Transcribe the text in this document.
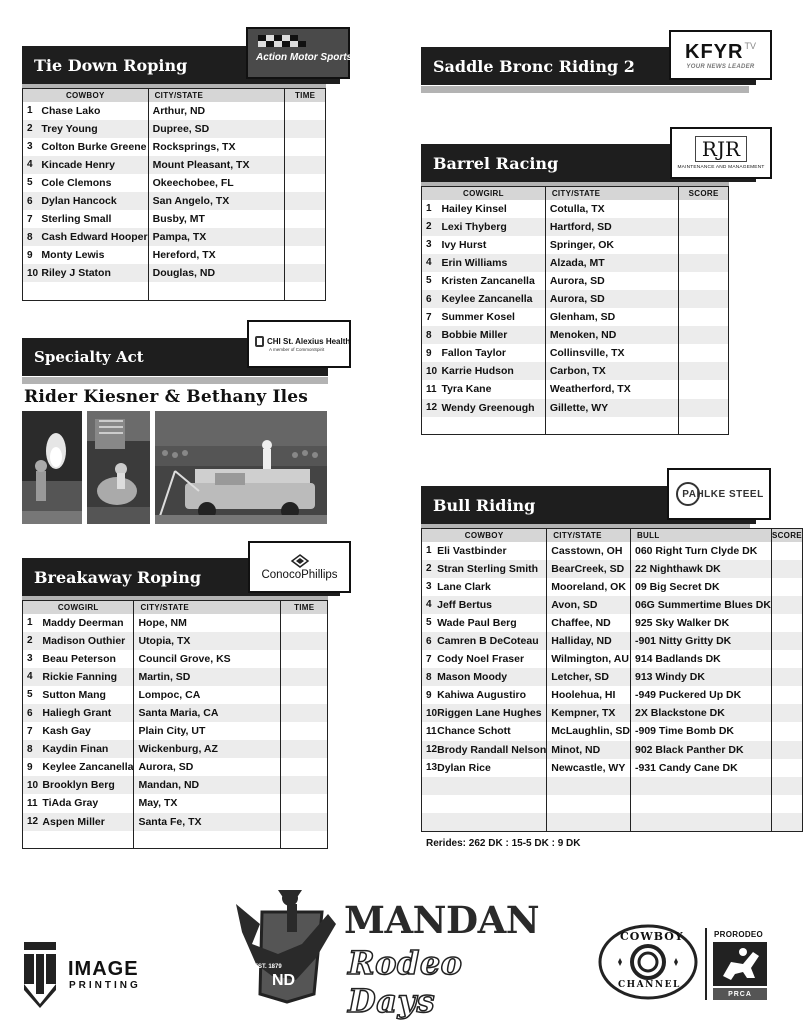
Tie Down Roping	Action Motor Sports
COWBOY		CITY/STATE	TIME
1	Chase Lako	Arthur, ND	
2	Trey Young	Dupree, SD	
3	Colton Burke Greene	Rocksprings, TX	
4	Kincade Henry	Mount Pleasant, TX	
5	Cole Clemons	Okeechobee, FL	
6	Dylan Hancock	San Angelo, TX	
7	Sterling Small	Busby, MT	
8	Cash Edward Hooper	Pampa, TX	
9	Monty Lewis	Hereford, TX	
10	Riley J Staton	Douglas, ND	

Specialty Act
CHI St. Alexius Health
A member of CommonSpirit
Rider Kiesner & Bethany Iles
Breakaway Roping	ConocoPhillips
COWGIRL		CITY/STATE	TIME
1	Maddy Deerman	Hope, NM	
2	Madison Outhier	Utopia, TX	
3	Beau Peterson	Council Grove, KS	
4	Rickie Fanning	Martin, SD	
5	Sutton Mang	Lompoc, CA	
6	Haliegh Grant	Santa Maria, CA	
7	Kash Gay	Plain City, UT	
8	Kaydin Finan	Wickenburg, AZ	
9	Keylee Zancanella	Aurora, SD	
10	Brooklyn Berg	Mandan, ND	
11	TiAda Gray	May, TX	
12	Aspen Miller	Santa Fe, TX	

Saddle Bronc Riding 2
KFYR TV
YOUR NEWS LEADER
Barrel Racing
RJR
MAINTENANCE AND MANAGEMENT
COWGIRL		CITY/STATE	SCORE
1	Hailey Kinsel	Cotulla, TX	
2	Lexi Thyberg	Hartford, SD	
3	Ivy Hurst	Springer, OK	
4	Erin Williams	Alzada, MT	
5	Kristen Zancanella	Aurora, SD	
6	Keylee Zancanella	Aurora, SD	
7	Summer Kosel	Glenham, SD	
8	Bobbie Miller	Menoken, ND	
9	Fallon Taylor	Collinsville, TX	
10	Karrie Hudson	Carbon, TX	
11	Tyra Kane	Weatherford, TX	
12	Wendy Greenough	Gillette, WY	

Bull Riding
PAHLKE STEEL
COWBOY		CITY/STATE	BULL	SCORE
1	Eli Vastbinder	Casstown, OH	060 Right Turn Clyde DK	
2	Stran Sterling Smith	BearCreek, SD	22 Nighthawk DK	
3	Lane Clark	Mooreland, OK	09 Big Secret DK	
4	Jeff Bertus	Avon, SD	06G Summertime Blues DK	
5	Wade Paul Berg	Chaffee, ND	925 Sky Walker DK	
6	Camren B DeCoteau	Halliday, ND	-901 Nitty Gritty DK	
7	Cody Noel Fraser	Wilmington, AU	914 Badlands DK	
8	Mason Moody	Letcher, SD	913 Windy DK	
9	Kahiwa Augustiro	Hoolehua, HI	-949 Puckered Up DK	
10	Riggen Lane Hughes	Kempner, TX	2X Blackstone DK	
11	Chance Schott	McLaughlin, SD	-909 Time Bomb DK	
12	Brody Randall Nelson	Minot, ND	902 Black Panther DK	
13	Dylan Rice	Newcastle, WY	-931 Candy Cane DK	

Rerides: 262 DK : 15-5 DK : 9 DK
IMAGE
PRINTING
EST. 1879
ND
MANDAN
Rodeo Days
COWBOY
CHANNEL
PRORODEO
PRCA
